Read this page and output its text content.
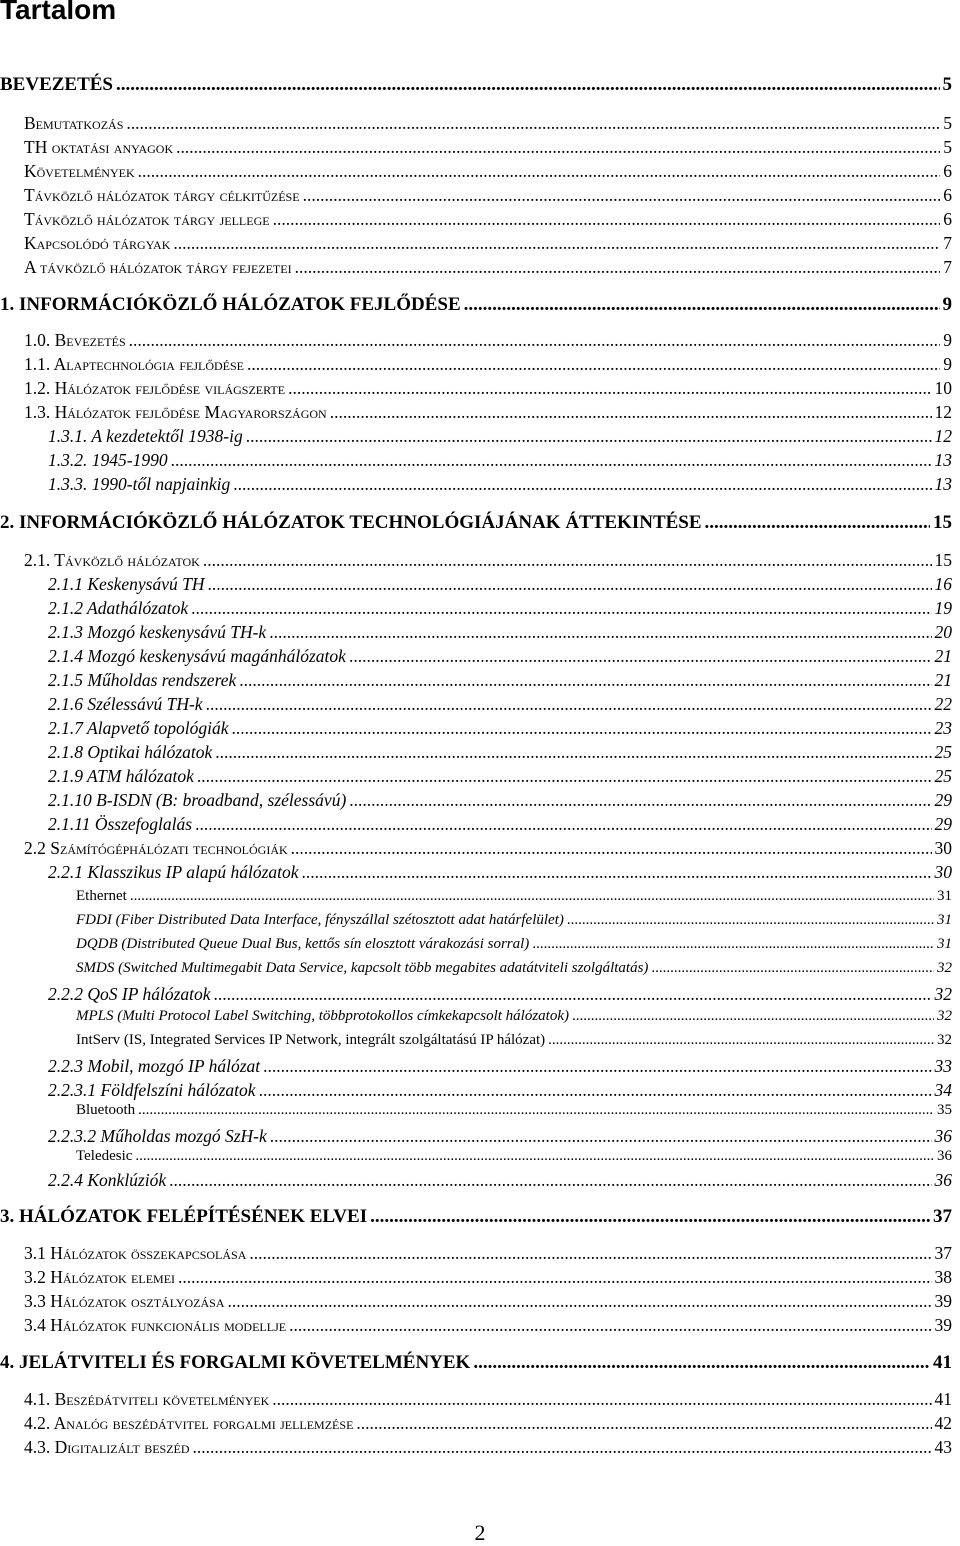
Tartalom
BEVEZETÉS .....	5
Bemutatkozás .....	5
TH oktatási anyagok .....	5
Követelmények .....	6
Távközlő hálózatok tárgy célkitűzése .....	6
Távközlő hálózatok tárgy jellege .....	6
Kapcsolódó tárgyak .....	7
A távközlő hálózatok tárgy fejezetei .....	7
1. INFORMÁCIÓKÖZLŐ HÁLÓZATOK FEJLŐDÉSE .....	9
1.0. Bevezetés .....	9
1.1. Alaptechnológia fejlődése .....	9
1.2. Hálózatok fejlődése világszerte .....	10
1.3. Hálózatok fejlődése Magyarországon .....	12
1.3.1. A kezdetektől 1938-ig .....	12
1.3.2. 1945-1990 .....	13
1.3.3. 1990-től napjainkig .....	13
2. INFORMÁCIÓKÖZLŐ HÁLÓZATOK TECHNOLÓGIÁJÁNAK ÁTTEKINTÉSE .....	15
2.1. Távközlő hálózatok .....	15
2.1.1 Keskenysávú TH .....	16
2.1.2 Adathálózatok .....	19
2.1.3 Mozgó keskenysávú TH-k .....	20
2.1.4 Mozgó keskenysávú magánhálózatok .....	21
2.1.5 Műholdas rendszerek .....	21
2.1.6 Szélessávú TH-k .....	22
2.1.7 Alapvető topológiák .....	23
2.1.8 Optikai hálózatok .....	25
2.1.9 ATM hálózatok .....	25
2.1.10 B-ISDN (B: broadband, szélessávú) .....	29
2.1.11 Összefoglalás .....	29
2.2 Számítógéphálózati technológiák .....	30
2.2.1 Klasszikus IP alapú hálózatok .....	30
Ethernet .....	31
FDDI (Fiber Distributed Data Interface, fényszállal szétosztott adat határfelület) .....	31
DQDB (Distributed Queue Dual Bus, kettős sín elosztott várakozási sorral) .....	31
SMDS (Switched Multimegabit Data Service, kapcsolt több megabites adatátviteli szolgáltatás) .....	32
2.2.2 QoS IP hálózatok .....	32
MPLS (Multi Protocol Label Switching, többprotokollos címkekapcsolt hálózatok) .....	32
IntServ (IS, Integrated Services IP Network, integrált szolgáltatású IP hálózat) .....	32
2.2.3 Mobil, mozgó IP hálózat .....	33
2.2.3.1 Földfelszíni hálózatok .....	34
Bluetooth .....	35
2.2.3.2 Műholdas mozgó SzH-k .....	36
Teledesic .....	36
2.2.4 Konklúziók .....	36
3. HÁLÓZATOK FELÉPÍTÉSÉNEK ELVEI .....	37
3.1 Hálózatok összekapcsolása .....	37
3.2 Hálózatok elemei .....	38
3.3 Hálózatok osztályozása .....	39
3.4 Hálózatok funkcionális modellje .....	39
4. JELÁTVITELI ÉS FORGALMI KÖVETELMÉNYEK .....	41
4.1. Beszédátviteli követelmények .....	41
4.2. Analóg beszédátvitel forgalmi jellemzése .....	42
4.3. Digitalizált beszéd .....	43
2
